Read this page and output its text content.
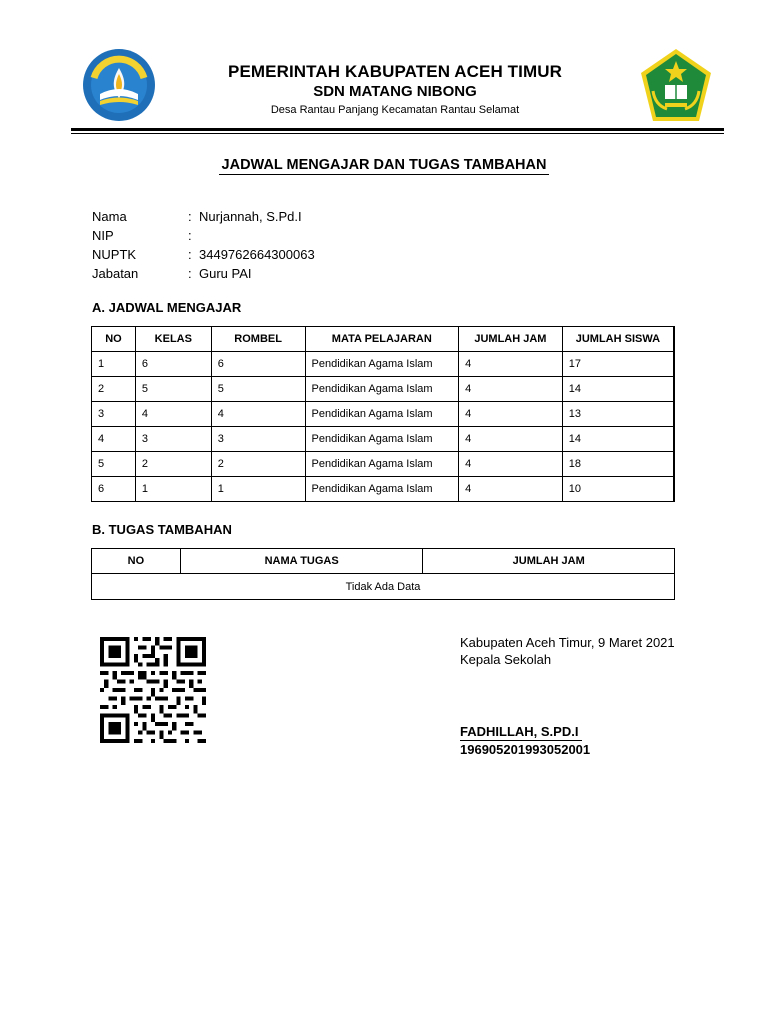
PEMERINTAH KABUPATEN ACEH TIMUR
SDN MATANG NIBONG
Desa Rantau Panjang Kecamatan Rantau Selamat
JADWAL MENGAJAR DAN TUGAS TAMBAHAN
Nama	: Nurjannah, S.Pd.I
NIP	:
NUPTK	: 3449762664300063
Jabatan	: Guru PAI
A. JADWAL MENGAJAR
NO	KELAS	ROMBEL	MATA PELAJARAN	JUMLAH JAM	JUMLAH SISWA
1	6	6	Pendidikan Agama Islam	4	17
2	5	5	Pendidikan Agama Islam	4	14
3	4	4	Pendidikan Agama Islam	4	13
4	3	3	Pendidikan Agama Islam	4	14
5	2	2	Pendidikan Agama Islam	4	18
6	1	1	Pendidikan Agama Islam	4	10
B. TUGAS TAMBAHAN
NO	NAMA TUGAS	JUMLAH JAM
Tidak Ada Data
Kabupaten Aceh Timur, 9 Maret 2021
Kepala Sekolah
FADHILLAH, S.PD.I
196905201993052001
